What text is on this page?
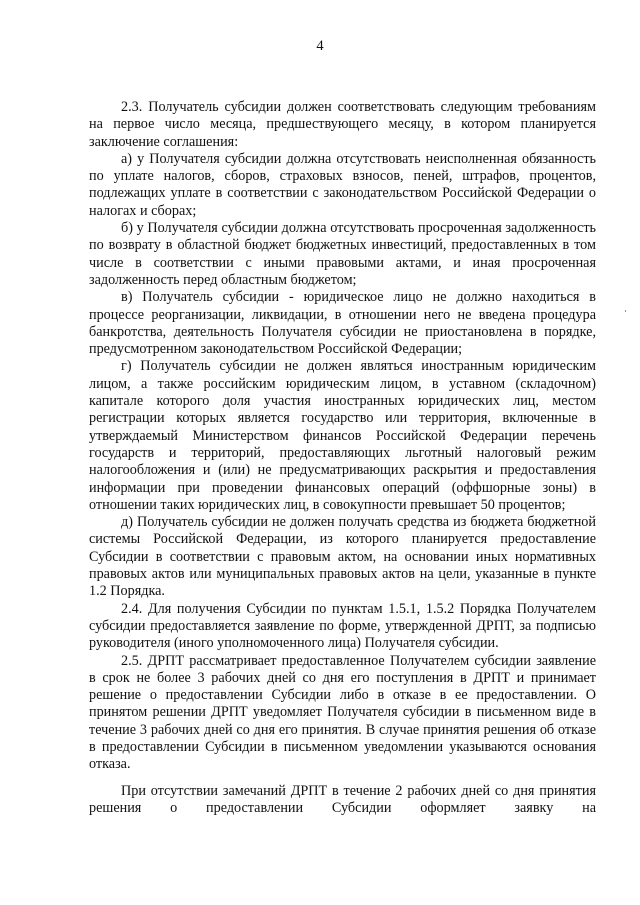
4

2.3. Получатель субсидии должен соответствовать следующим требованиям на первое число месяца, предшествующего месяцу, в котором планируется заключение соглашения:

а) у Получателя субсидии должна отсутствовать неисполненная обязанность по уплате налогов, сборов, страховых взносов, пеней, штрафов, процентов, подлежащих уплате в соответствии с законодательством Российской Федерации о налогах и сборах;

б) у Получателя субсидии должна отсутствовать просроченная задолженность по возврату в областной бюджет бюджетных инвестиций, предоставленных в том числе в соответствии с иными правовыми актами, и иная просроченная задолженность перед областным бюджетом;

в) Получатель субсидии - юридическое лицо не должно находиться в процессе реорганизации, ликвидации, в отношении него не введена процедура банкротства, деятельность Получателя субсидии не приостановлена в порядке, предусмотренном законодательством Российской Федерации;

г) Получатель субсидии не должен являться иностранным юридическим лицом, а также российским юридическим лицом, в уставном (складочном) капитале которого доля участия иностранных юридических лиц, местом регистрации которых является государство или территория, включенные в утверждаемый Министерством финансов Российской Федерации перечень государств и территорий, предоставляющих льготный налоговый режим налогообложения и (или) не предусматривающих раскрытия и предоставления информации при проведении финансовых операций (оффшорные зоны) в отношении таких юридических лиц, в совокупности превышает 50 процентов;

д) Получатель субсидии не должен получать средства из бюджета бюджетной системы Российской Федерации, из которого планируется предоставление Субсидии в соответствии с правовым актом, на основании иных нормативных правовых актов или муниципальных правовых актов на цели, указанные в пункте 1.2 Порядка.

2.4. Для получения Субсидии по пунктам 1.5.1, 1.5.2 Порядка Получателем субсидии предоставляется заявление по форме, утвержденной ДРПТ, за подписью руководителя (иного уполномоченного лица) Получателя субсидии.

2.5. ДРПТ рассматривает предоставленное Получателем субсидии заявление в срок не более 3 рабочих дней со дня его поступления в ДРПТ и принимает решение о предоставлении Субсидии либо в отказе в ее предоставлении. О принятом решении ДРПТ уведомляет Получателя субсидии в письменном виде в течение 3 рабочих дней со дня его принятия. В случае принятия решения об отказе в предоставлении Субсидии в письменном уведомлении указываются основания отказа.

При отсутствии замечаний ДРПТ в течение 2 рабочих дней со дня принятия решения о предоставлении Субсидии оформляет заявку на
